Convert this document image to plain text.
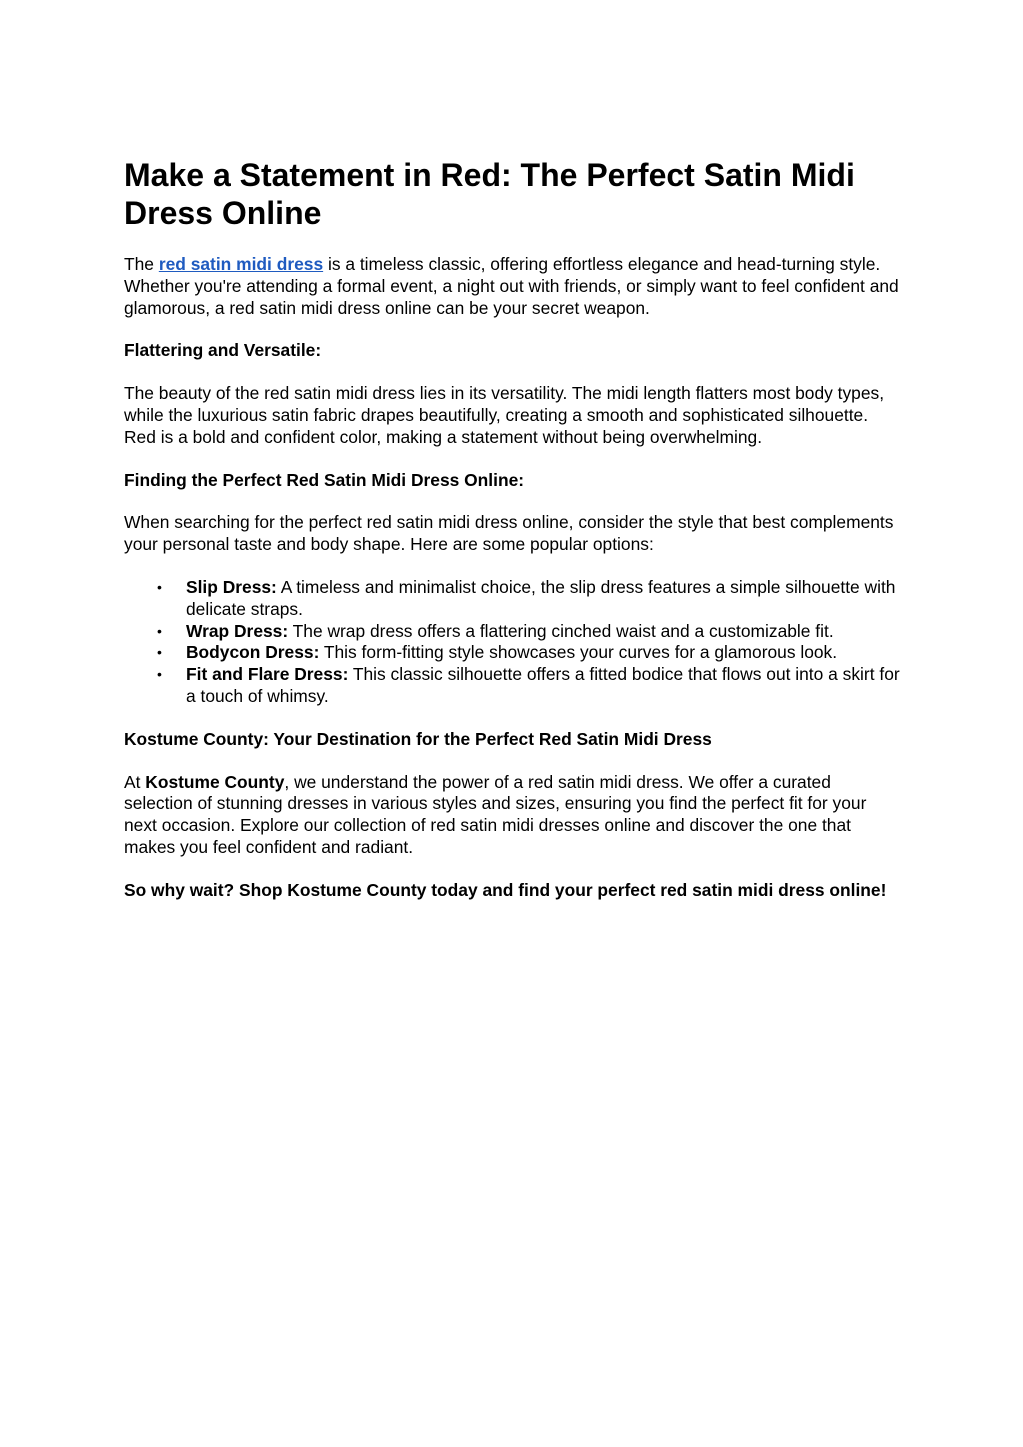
Make a Statement in Red: The Perfect Satin Midi Dress Online

The red satin midi dress is a timeless classic, offering effortless elegance and head-turning style. Whether you're attending a formal event, a night out with friends, or simply want to feel confident and glamorous, a red satin midi dress online can be your secret weapon.

Flattering and Versatile:

The beauty of the red satin midi dress lies in its versatility. The midi length flatters most body types, while the luxurious satin fabric drapes beautifully, creating a smooth and sophisticated silhouette. Red is a bold and confident color, making a statement without being overwhelming.

Finding the Perfect Red Satin Midi Dress Online:

When searching for the perfect red satin midi dress online, consider the style that best complements your personal taste and body shape. Here are some popular options:

• Slip Dress: A timeless and minimalist choice, the slip dress features a simple silhouette with delicate straps.
• Wrap Dress: The wrap dress offers a flattering cinched waist and a customizable fit.
• Bodycon Dress: This form-fitting style showcases your curves for a glamorous look.
• Fit and Flare Dress: This classic silhouette offers a fitted bodice that flows out into a skirt for a touch of whimsy.

Kostume County: Your Destination for the Perfect Red Satin Midi Dress

At Kostume County, we understand the power of a red satin midi dress. We offer a curated selection of stunning dresses in various styles and sizes, ensuring you find the perfect fit for your next occasion. Explore our collection of red satin midi dresses online and discover the one that makes you feel confident and radiant.

So why wait? Shop Kostume County today and find your perfect red satin midi dress online!
